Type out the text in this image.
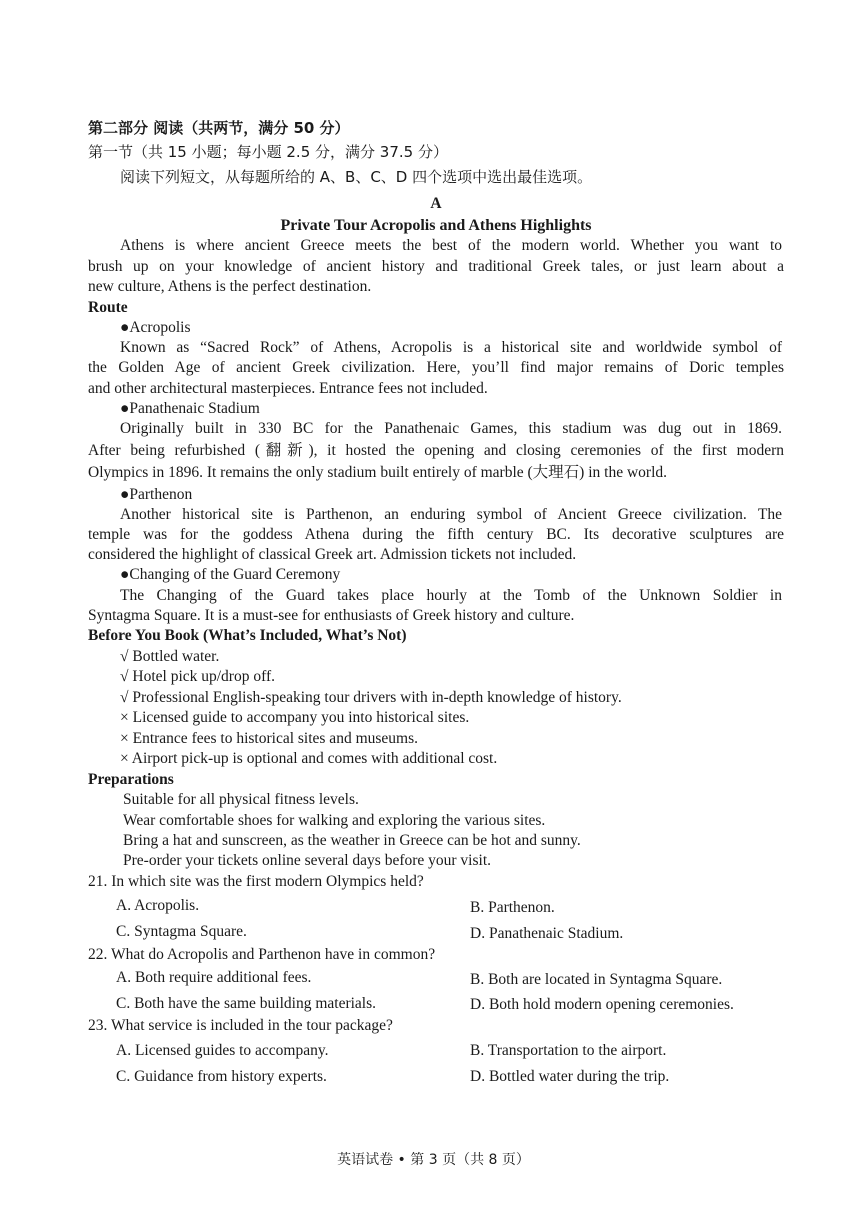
第二部分 阅读（共两节，满分 50 分）
第一节（共 15 小题；每小题 2.5 分，满分 37.5 分）
阅读下列短文，从每题所给的 A、B、C、D 四个选项中选出最佳选项。
A
Private Tour Acropolis and Athens Highlights
Athens is where ancient Greece meets the best of the modern world. Whether you want to
brush up on your knowledge of ancient history and traditional Greek tales, or just learn about a
new culture, Athens is the perfect destination.
Route
●Acropolis
Known as “Sacred Rock” of Athens, Acropolis is a historical site and worldwide symbol of
the Golden Age of ancient Greek civilization. Here, you’ll find major remains of Doric temples
and other architectural masterpieces. Entrance fees not included.
●Panathenaic Stadium
Originally built in 330 BC for the Panathenaic Games, this stadium was dug out in 1869.
After being refurbished (翻新), it hosted the opening and closing ceremonies of the first modern
Olympics in 1896. It remains the only stadium built entirely of marble (大理石) in the world.
●Parthenon
Another historical site is Parthenon, an enduring symbol of Ancient Greece civilization. The
temple was for the goddess Athena during the fifth century BC. Its decorative sculptures are
considered the highlight of classical Greek art. Admission tickets not included.
●Changing of the Guard Ceremony
The Changing of the Guard takes place hourly at the Tomb of the Unknown Soldier in
Syntagma Square. It is a must-see for enthusiasts of Greek history and culture.
Before You Book (What’s Included, What’s Not)
√ Bottled water.
√ Hotel pick up/drop off.
√ Professional English-speaking tour drivers with in-depth knowledge of history.
× Licensed guide to accompany you into historical sites.
× Entrance fees to historical sites and museums.
× Airport pick-up is optional and comes with additional cost.
Preparations
Suitable for all physical fitness levels.
Wear comfortable shoes for walking and exploring the various sites.
Bring a hat and sunscreen, as the weather in Greece can be hot and sunny.
Pre-order your tickets online several days before your visit.
21. In which site was the first modern Olympics held?
A. Acropolis.	B. Parthenon.
C. Syntagma Square.	D. Panathenaic Stadium.
22. What do Acropolis and Parthenon have in common?
A. Both require additional fees.	B. Both are located in Syntagma Square.
C. Both have the same building materials.	D. Both hold modern opening ceremonies.
23. What service is included in the tour package?
A. Licensed guides to accompany.	B. Transportation to the airport.
C. Guidance from history experts.	D. Bottled water during the trip.
英语试卷 • 第 3 页（共 8 页）
